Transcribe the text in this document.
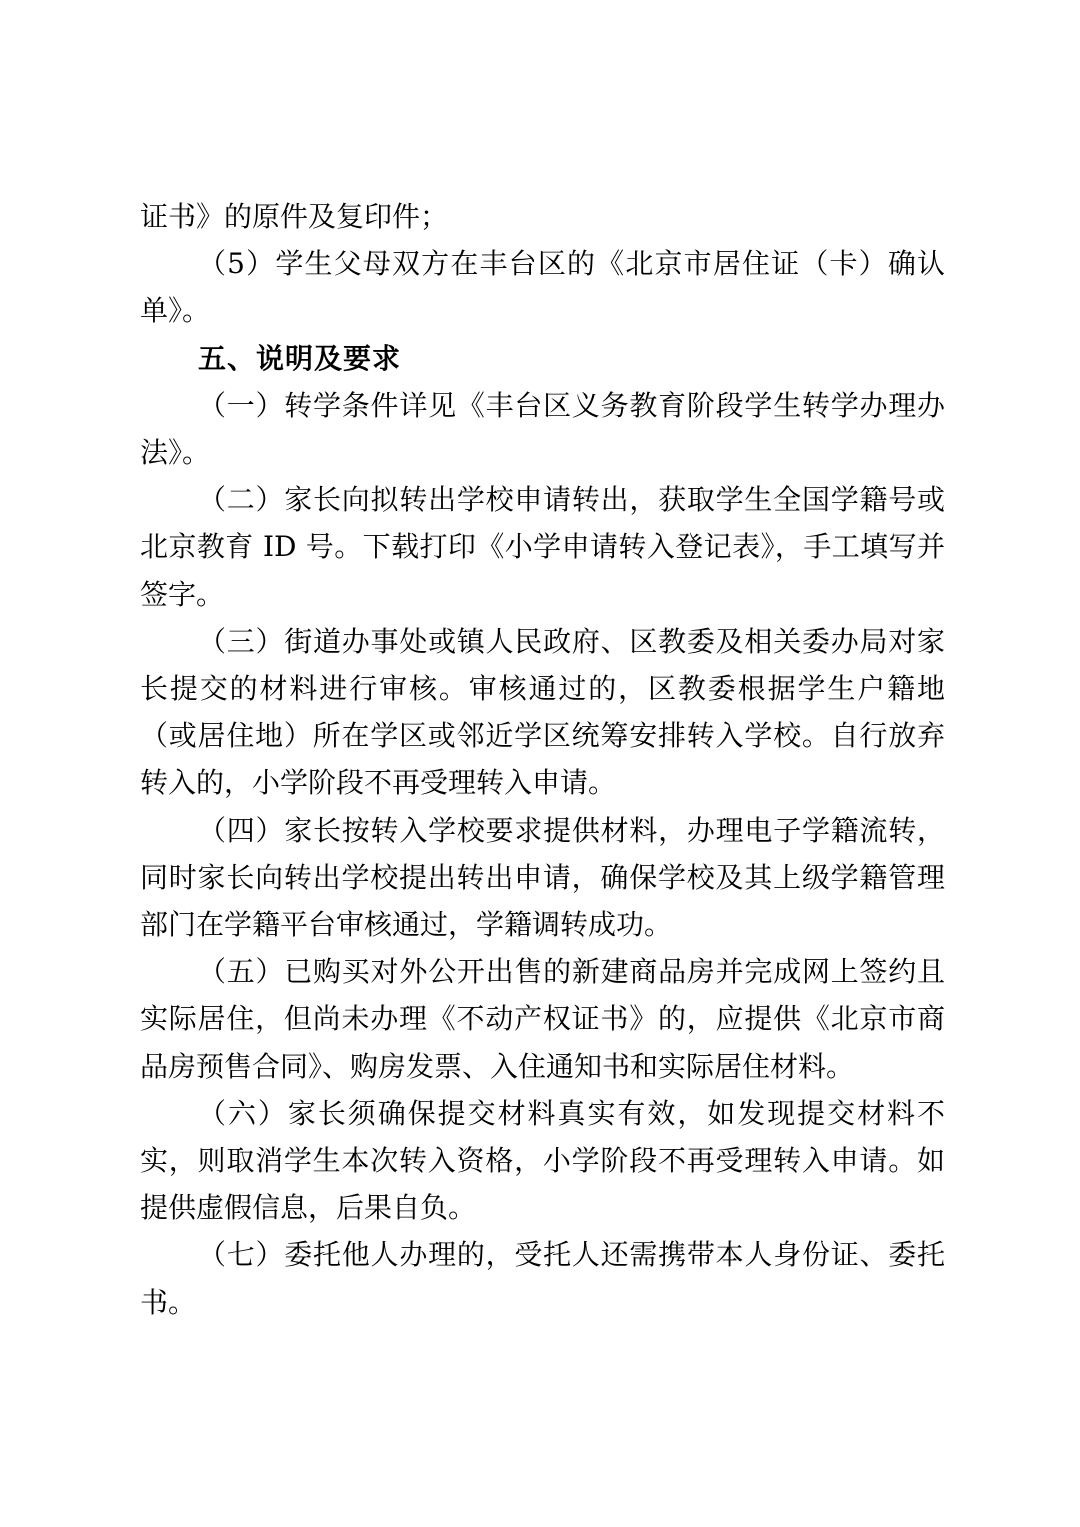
证书》的原件及复印件；

（5）学生父母双方在丰台区的《北京市居住证（卡）确认单》。

五、说明及要求

（一）转学条件详见《丰台区义务教育阶段学生转学办理办法》。

（二）家长向拟转出学校申请转出，获取学生全国学籍号或北京教育 ID 号。下载打印《小学申请转入登记表》，手工填写并签字。

（三）街道办事处或镇人民政府、区教委及相关委办局对家长提交的材料进行审核。审核通过的，区教委根据学生户籍地（或居住地）所在学区或邻近学区统筹安排转入学校。自行放弃转入的，小学阶段不再受理转入申请。

（四）家长按转入学校要求提供材料，办理电子学籍流转，同时家长向转出学校提出转出申请，确保学校及其上级学籍管理部门在学籍平台审核通过，学籍调转成功。

（五）已购买对外公开出售的新建商品房并完成网上签约且实际居住，但尚未办理《不动产权证书》的，应提供《北京市商品房预售合同》、购房发票、入住通知书和实际居住材料。

（六）家长须确保提交材料真实有效，如发现提交材料不实，则取消学生本次转入资格，小学阶段不再受理转入申请。如提供虚假信息，后果自负。

（七）委托他人办理的，受托人还需携带本人身份证、委托书。
